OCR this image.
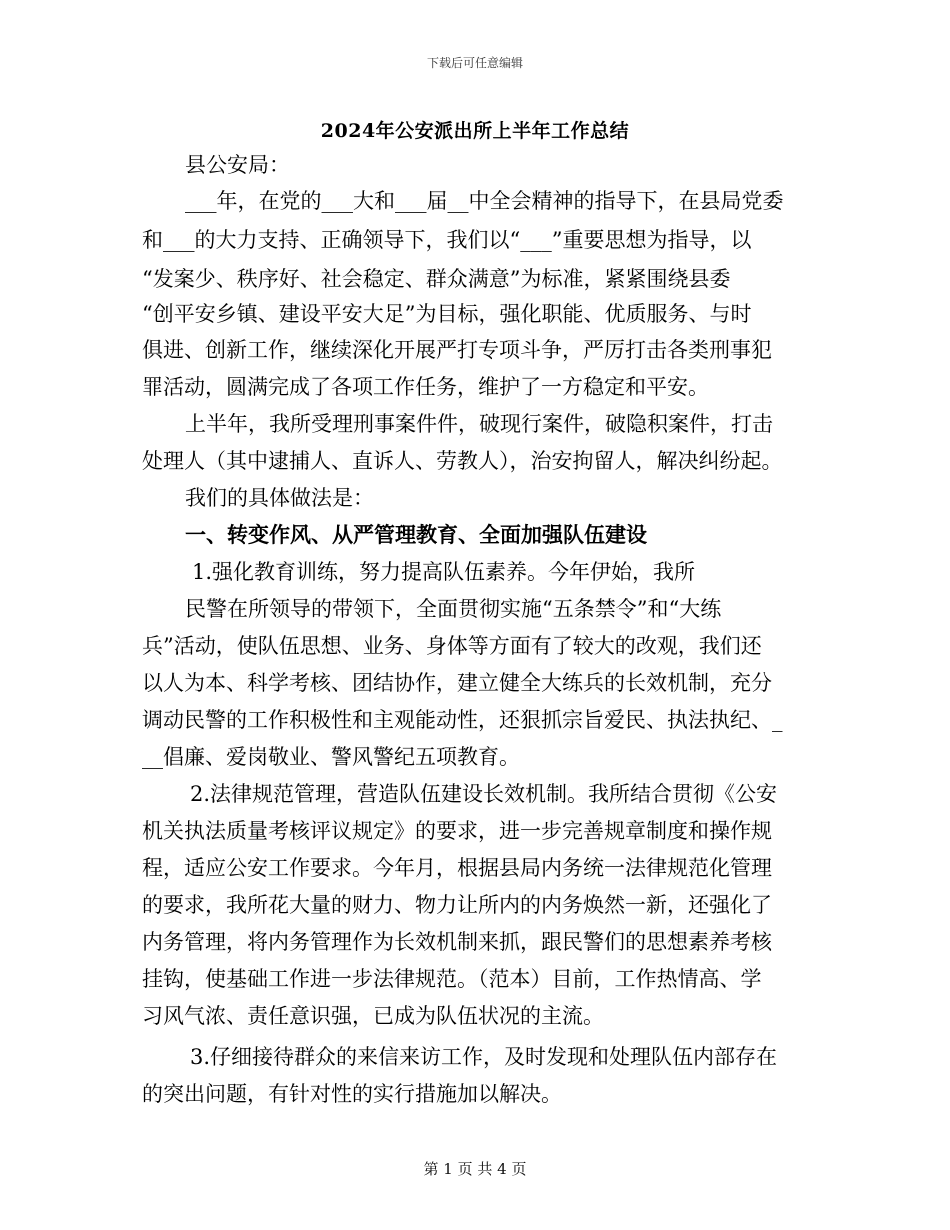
下载后可任意编辑
2024年公安派出所上半年工作总结
县公安局：
___年，在党的___大和___届__中全会精神的指导下，在县局党委
和___的大力支持、正确领导下，我们以“___”重要思想为指导，以
“发案少、秩序好、社会稳定、群众满意”为标准，紧紧围绕县委
“创平安乡镇、建设平安大足”为目标，强化职能、优质服务、与时
俱进、创新工作，继续深化开展严打专项斗争，严厉打击各类刑事犯
罪活动，圆满完成了各项工作任务，维护了一方稳定和平安。
上半年，我所受理刑事案件件，破现行案件，破隐积案件，打击
处理人（其中逮捕人、直诉人、劳教人），治安拘留人，解决纠纷起。
我们的具体做法是：
一、转变作风、从严管理教育、全面加强队伍建设
1.强化教育训练，努力提高队伍素养。今年伊始，我所
民警在所领导的带领下，全面贯彻实施“五条禁令”和“大练
兵”活动，使队伍思想、业务、身体等方面有了较大的改观，我们还
以人为本、科学考核、团结协作，建立健全大练兵的长效机制，充分
调动民警的工作积极性和主观能动性，还狠抓宗旨爱民、执法执纪、_
__倡廉、爱岗敬业、警风警纪五项教育。
2.法律规范管理，营造队伍建设长效机制。我所结合贯彻《公安
机关执法质量考核评议规定》的要求，进一步完善规章制度和操作规
程，适应公安工作要求。今年月，根据县局内务统一法律规范化管理
的要求，我所花大量的财力、物力让所内的内务焕然一新，还强化了
内务管理，将内务管理作为长效机制来抓，跟民警们的思想素养考核
挂钩，使基础工作进一步法律规范。（范本）目前，工作热情高、学
习风气浓、责任意识强，已成为队伍状况的主流。
3.仔细接待群众的来信来访工作，及时发现和处理队伍内部存在
的突出问题，有针对性的实行措施加以解决。
第 1 页 共 4 页
